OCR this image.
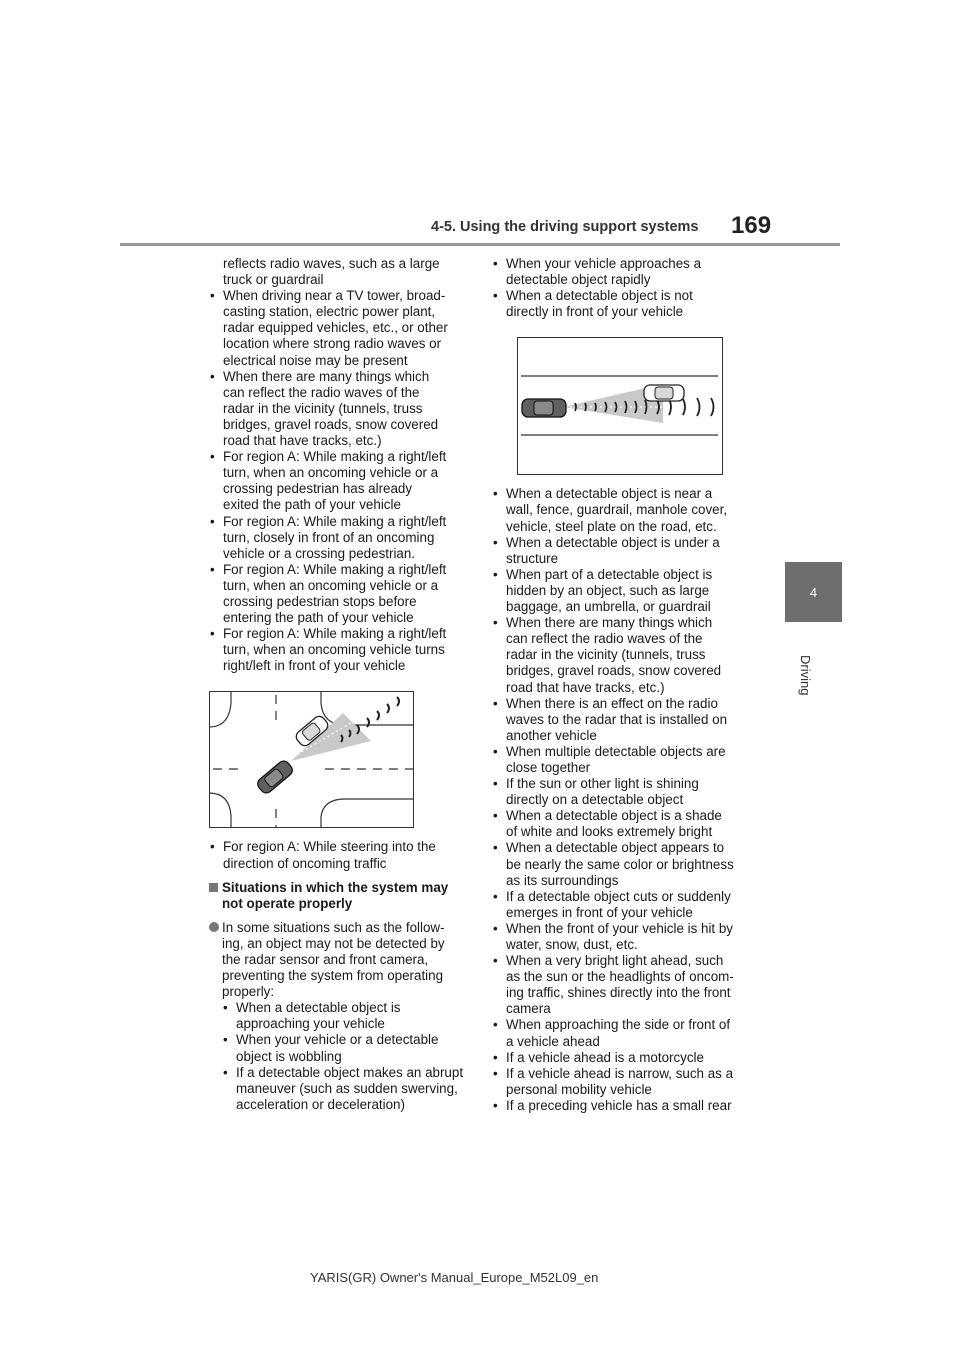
4-5. Using the driving support systems 169
4
Driving
reflects radio waves, such as a large
truck or guardrail
• When driving near a TV tower, broad-
casting station, electric power plant,
radar equipped vehicles, etc., or other
location where strong radio waves or
electrical noise may be present
• When there are many things which
can reflect the radio waves of the
radar in the vicinity (tunnels, truss
bridges, gravel roads, snow covered
road that have tracks, etc.)
• For region A: While making a right/left
turn, when an oncoming vehicle or a
crossing pedestrian has already
exited the path of your vehicle
• For region A: While making a right/left
turn, closely in front of an oncoming
vehicle or a crossing pedestrian.
• For region A: While making a right/left
turn, when an oncoming vehicle or a
crossing pedestrian stops before
entering the path of your vehicle
• For region A: While making a right/left
turn, when an oncoming vehicle turns
right/left in front of your vehicle
• For region A: While steering into the
direction of oncoming traffic
Situations in which the system may
not operate properly
In some situations such as the follow-
ing, an object may not be detected by
the radar sensor and front camera,
preventing the system from operating
properly:
• When a detectable object is
approaching your vehicle
• When your vehicle or a detectable
object is wobbling
• If a detectable object makes an abrupt
maneuver (such as sudden swerving,
acceleration or deceleration)
• When your vehicle approaches a
detectable object rapidly
• When a detectable object is not
directly in front of your vehicle
• When a detectable object is near a
wall, fence, guardrail, manhole cover,
vehicle, steel plate on the road, etc.
• When a detectable object is under a
structure
• When part of a detectable object is
hidden by an object, such as large
baggage, an umbrella, or guardrail
• When there are many things which
can reflect the radio waves of the
radar in the vicinity (tunnels, truss
bridges, gravel roads, snow covered
road that have tracks, etc.)
• When there is an effect on the radio
waves to the radar that is installed on
another vehicle
• When multiple detectable objects are
close together
• If the sun or other light is shining
directly on a detectable object
• When a detectable object is a shade
of white and looks extremely bright
• When a detectable object appears to
be nearly the same color or brightness
as its surroundings
• If a detectable object cuts or suddenly
emerges in front of your vehicle
• When the front of your vehicle is hit by
water, snow, dust, etc.
• When a very bright light ahead, such
as the sun or the headlights of oncom-
ing traffic, shines directly into the front
camera
• When approaching the side or front of
a vehicle ahead
• If a vehicle ahead is a motorcycle
• If a vehicle ahead is narrow, such as a
personal mobility vehicle
• If a preceding vehicle has a small rear
YARIS(GR) Owner's Manual_Europe_M52L09_en
